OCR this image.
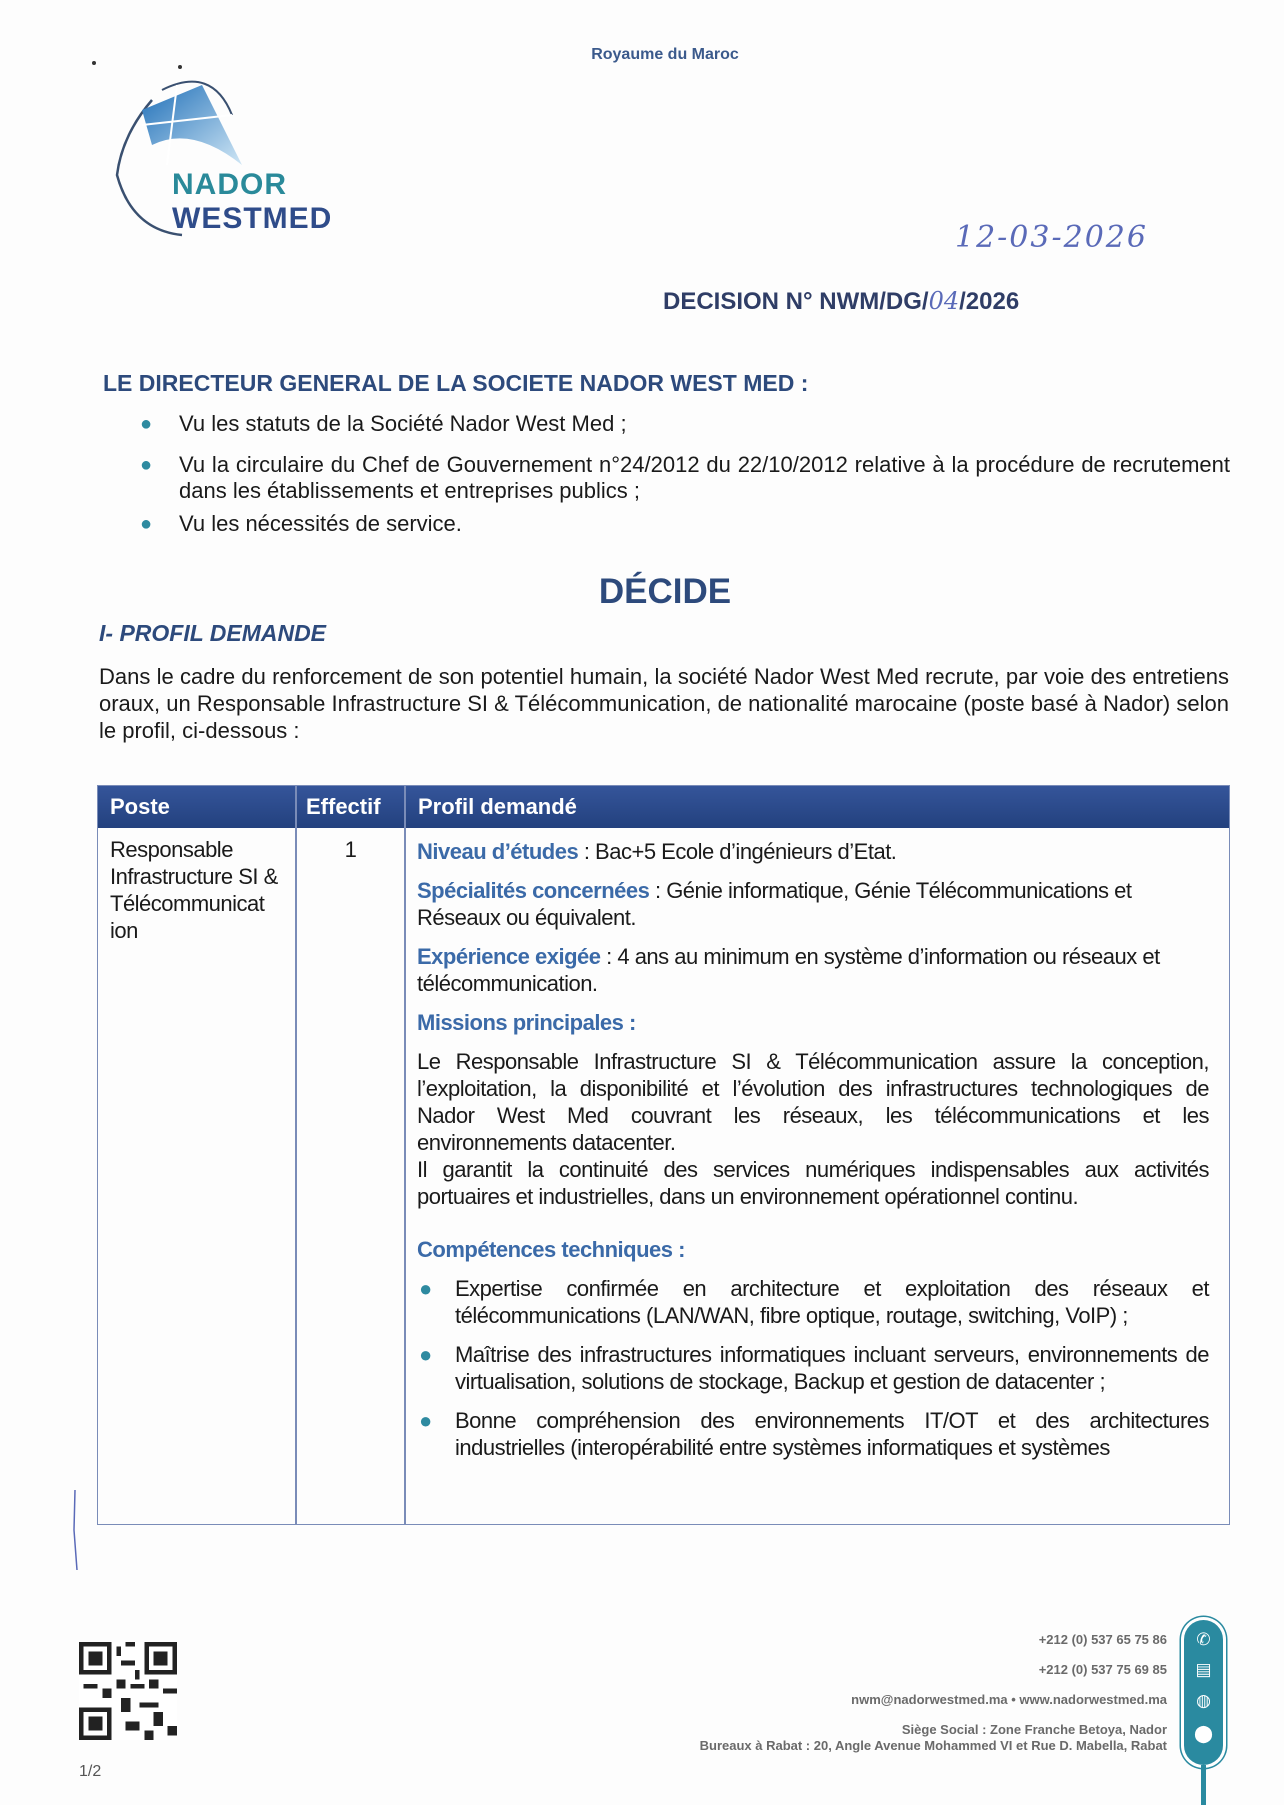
Royaume du Maroc
NADOR
WESTMED
12-03-2026
DECISION N° NWM/DG/04/2026
LE DIRECTEUR GENERAL DE LA SOCIETE NADOR WEST MED :
● Vu les statuts de la Société Nador West Med ;
● Vu la circulaire du Chef de Gouvernement n°24/2012 du 22/10/2012 relative à la procédure de recrutement dans les établissements et entreprises publics ;
● Vu les nécessités de service.
DÉCIDE
I- PROFIL DEMANDE
Dans le cadre du renforcement de son potentiel humain, la société Nador West Med recrute, par voie des entretiens oraux, un Responsable Infrastructure SI & Télécommunication, de nationalité marocaine (poste basé à Nador) selon le profil, ci-dessous :
Poste	Effectif Profil demandé
Responsable Infrastructure SI & Télécommunicat ion
1	Niveau d’études : Bac+5 Ecole d’ingénieurs d’Etat.
Spécialités concernées : Génie informatique, Génie Télécommunications et Réseaux ou équivalent.
Expérience exigée : 4 ans au minimum en système d’information ou réseaux et télécommunication.
Missions principales :
Le Responsable Infrastructure SI & Télécommunication assure la conception, l’exploitation, la disponibilité et l’évolution des infrastructures technologiques de Nador West Med couvrant les réseaux, les télécommunications et les environnements datacenter.
Il garantit la continuité des services numériques indispensables aux activités portuaires et industrielles, dans un environnement opérationnel continu.
Compétences techniques :
● Expertise confirmée en architecture et exploitation des réseaux et télécommunications (LAN/WAN, fibre optique, routage, switching, VoIP) ;
● Maîtrise des infrastructures informatiques incluant serveurs, environnements de virtualisation, solutions de stockage, Backup et gestion de datacenter ;
● Bonne compréhension des environnements IT/OT et des architectures industrielles (interopérabilité entre systèmes informatiques et systèmes
1/2
+212 (0) 537 65 75 86
+212 (0) 537 75 69 85
nwm@nadorwestmed.ma • www.nadorwestmed.ma
Siège Social : Zone Franche Betoya, Nador
Bureaux à Rabat : 20, Angle Avenue Mohammed VI et Rue D. Mabella, Rabat
✆
▤
◍
⬤
